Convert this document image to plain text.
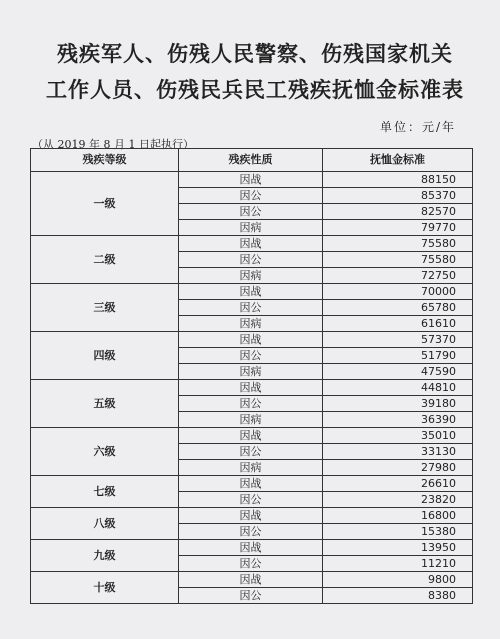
残疾军人、伤残人民警察、伤残国家机关
工作人员、伤残民兵民工残疾抚恤金标准表
单位：元/年
（从 2019 年 8 月 1 日起执行）
残疾等级	残疾性质	抚恤金标准
一级	因战	88150
	因公	85370
	因公	82570
	因病	79770
二级	因战	75580
	因公	75580
	因病	72750
三级	因战	70000
	因公	65780
	因病	61610
四级	因战	57370
	因公	51790
	因病	47590
五级	因战	44810
	因公	39180
	因病	36390
六级	因战	35010
	因公	33130
	因病	27980
七级	因战	26610
	因公	23820
八级	因战	16800
	因公	15380
九级	因战	13950
	因公	11210
十级	因战	9800
	因公	8380
